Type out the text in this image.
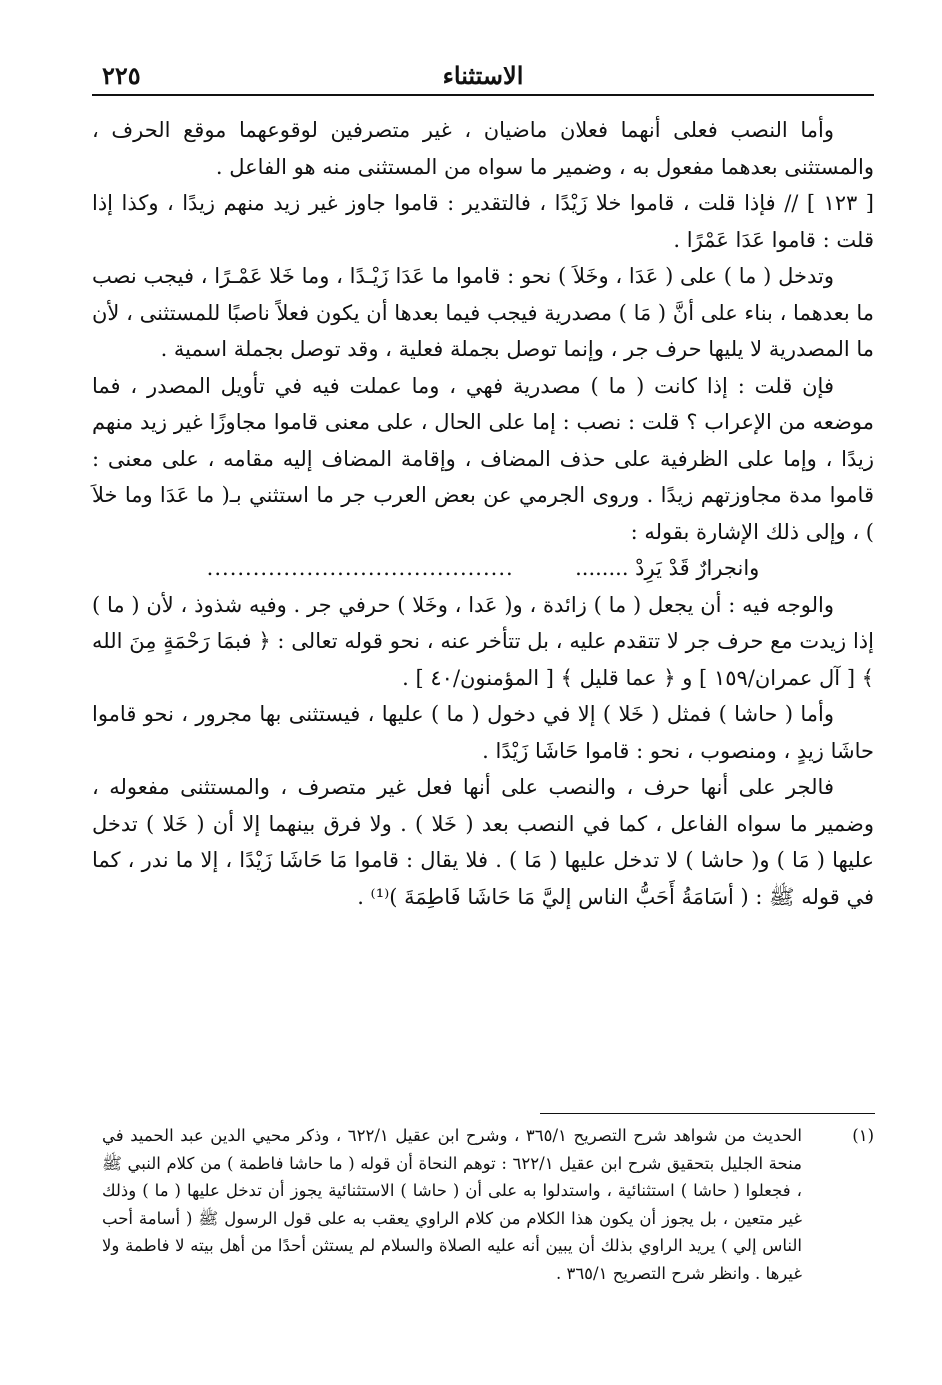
الاستثناء
٢٢٥

وأما النصب فعلى أنهما فعلان ماضيان ، غير متصرفين لوقوعهما موقع الحرف ، والمستثنى بعدهما مفعول به ، وضمير ما سواه من المستثنى منه هو الفاعل .

[ ١٢٣ ] // فإذا قلت ، قاموا خلا زَيْدًا ، فالتقدير : قاموا جاوز غير زيد منهم زيدًا ، وكذا إذا قلت : قاموا عَدَا عَمْرًا .

وتدخل ( ما ) على ( عَدَا ، وخَلاَ ) نحو : قاموا ما عَدَا زَيْـدًا ، وما خَلا عَمْـرًا ، فيجب نصب ما بعدهما ، بناء على أنَّ ( مَا ) مصدرية فيجب فيما بعدها أن يكون فعلاً ناصبًا للمستثنى ، لأن ما المصدرية لا يليها حرف جر ، وإنما توصل بجملة فعلية ، وقد توصل بجملة اسمية .

فإن قلت : إذا كانت ( ما ) مصدرية فهي ، وما عملت فيه في تأويل المصدر ، فما موضعه من الإعراب ؟ قلت : نصب : إما على الحال ، على معنى قاموا مجاوزًا غير زيد منهم زيدًا ، وإما على الظرفية على حذف المضاف ، وإقامة المضاف إليه مقامه ، على معنى : قاموا مدة مجاوزتهم زيدًا . وروى الجرمي عن بعض العرب جر ما استثني بـ( ما عَدَا وما خلاَ ) ، وإلى ذلك الإشارة بقوله :

وانجرارٌ قَدْ يَرِدْ ........        ........................................

والوجه فيه : أن يجعل ( ما ) زائدة ، و( عَدا ، وخَلا ) حرفي جر . وفيه شذوذ ، لأن ( ما ) إذا زيدت مع حرف جر لا تتقدم عليه ، بل تتأخر عنه ، نحو قوله تعالى : ﴿ فبمَا رَحْمَةٍ مِنَ الله ﴾ [ آل عمران/١٥٩ ] و ﴿ عما قليل ﴾ [ المؤمنون/٤٠ ] .

وأما ( حاشا ) فمثل ( خَلا ) إلا في دخول ( ما ) عليها ، فيستثنى بها مجرور ، نحو قاموا حاشَا زيدٍ ، ومنصوب ، نحو : قاموا حَاشَا زَيْدًا .

فالجر على أنها حرف ، والنصب على أنها فعل غير متصرف ، والمستثنى مفعوله ، وضمير ما سواه الفاعل ، كما في النصب بعد ( خَلا ) . ولا فرق بينهما إلا أن ( خَلا ) تدخل عليها ( مَا ) و( حاشا ) لا تدخل عليها ( مَا ) . فلا يقال : قاموا مَا حَاشَا زَيْدًا ، إلا ما ندر ، كما في قوله ﷺ : ( أسَامَةُ أَحَبُّ الناس إليَّ مَا حَاشَا فَاطِمَةَ )⁽¹⁾ .

(١)
الحديث من شواهد شرح التصريح ٣٦٥/١ ، وشرح ابن عقيل ٦٢٢/١ ، وذكر محيي الدين عبد الحميد في منحة الجليل بتحقيق شرح ابن عقيل ٦٢٢/١ : توهم النحاة أن قوله ( ما حاشا فاطمة ) من كلام النبي ﷺ ، فجعلوا ( حاشا ) استثنائية ، واستدلوا به على أن ( حاشا ) الاستثنائية يجوز أن تدخل عليها ( ما ) وذلك غير متعين ، بل يجوز أن يكون هذا الكلام من كلام الراوي يعقب به على قول الرسول ﷺ ( أسامة أحب الناس إلي ) يريد الراوي بذلك أن يبين أنه عليه الصلاة والسلام لم يستثن أحدًا من أهل بيته لا فاطمة ولا غيرها . وانظر شرح التصريح ٣٦٥/١ .
